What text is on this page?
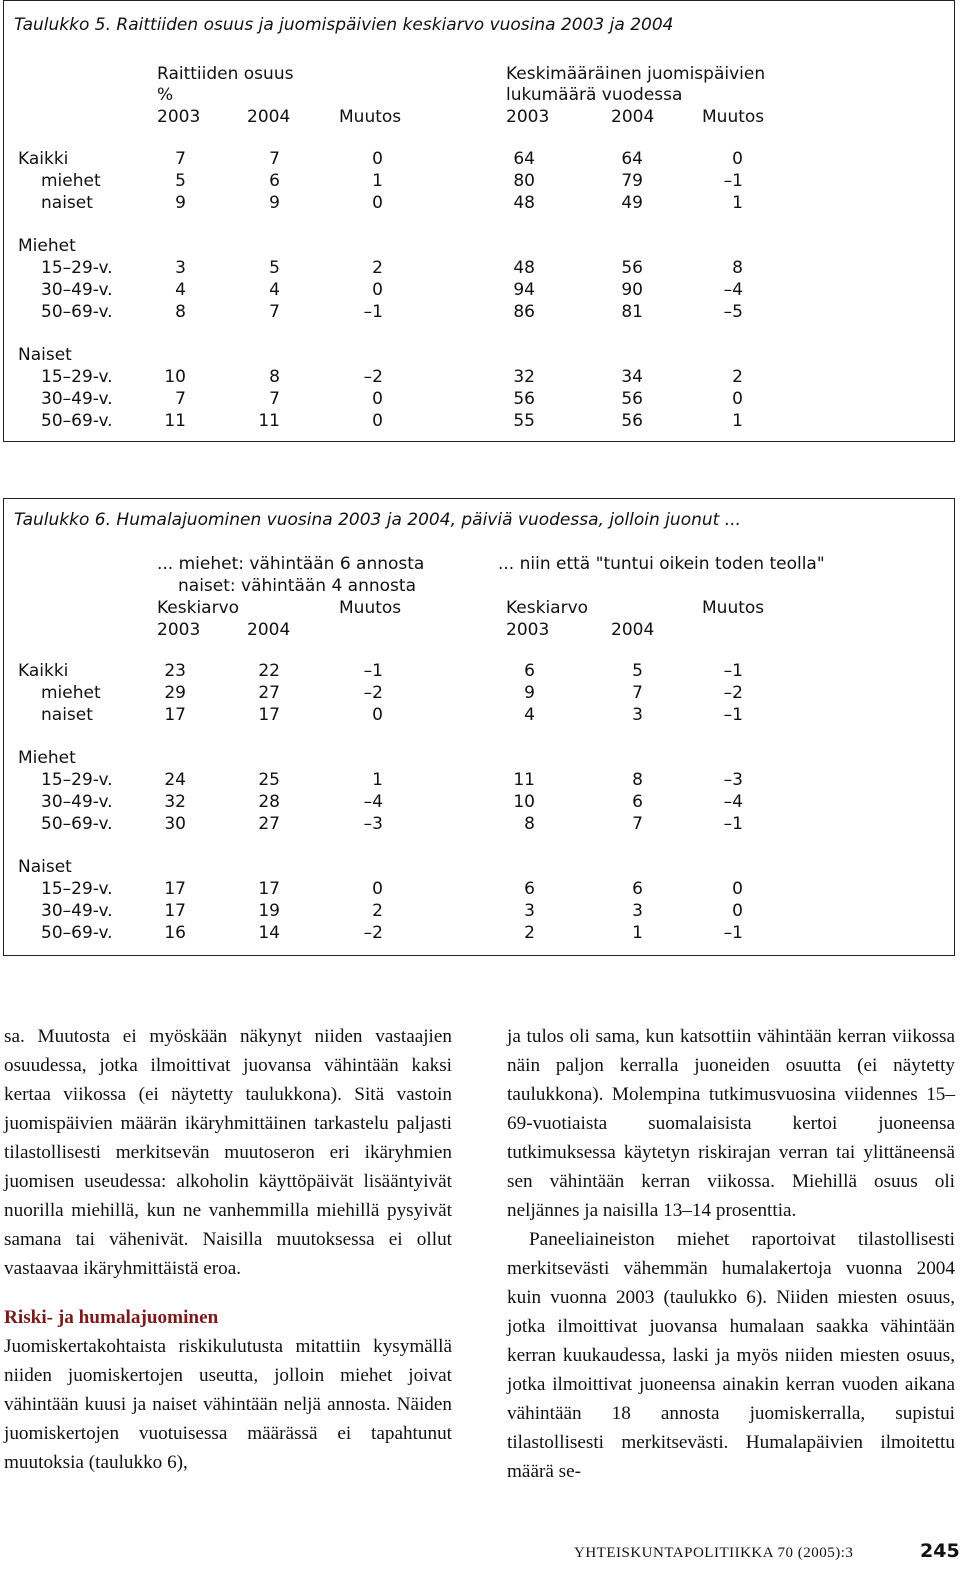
Taulukko 5. Raittiiden osuus ja juomispäivien keskiarvo vuosina 2003 ja 2004
Raittiiden osuus
%
Keskimääräinen juomispäivien
lukumäärä vuodessa
2003	2004	Muutos	2003	2004	Muutos
Kaikki	7	7	0	64	64	0
miehet	5	6	1	80	79	–1
naiset	9	9	0	48	49	1
Miehet
15–29-v.	3	5	2	48	56	8
30–49-v.	4	4	0	94	90	–4
50–69-v.	8	7	–1	86	81	–5
Naiset
15–29-v.	10	8	–2	32	34	2
30–49-v.	7	7	0	56	56	0
50–69-v.	11	11	0	55	56	1
Taulukko 6. Humalajuominen vuosina 2003 ja 2004, päiviä vuodessa, jolloin juonut ...
... miehet: vähintään 6 annosta
naiset: vähintään 4 annosta
... niin että "tuntui oikein toden teolla"
Keskiarvo	Muutos	Keskiarvo	Muutos
2003	2004	2003	2004
Kaikki	23	22	–1	6	5	–1
miehet	29	27	–2	9	7	–2
naiset	17	17	0	4	3	–1
Miehet
15–29-v.	24	25	1	11	8	–3
30–49-v.	32	28	–4	10	6	–4
50–69-v.	30	27	–3	8	7	–1
Naiset
15–29-v.	17	17	0	6	6	0
30–49-v.	17	19	2	3	3	0
50–69-v.	16	14	–2	2	1	–1

sa. Muutosta ei myöskään näkynyt niiden vastaajien osuudessa, jotka ilmoittivat juovansa vähintään kaksi kertaa viikossa (ei näytetty taulukkona). Sitä vastoin juomispäivien määrän ikäryhmittäinen tarkastelu paljasti tilastollisesti merkitsevän muutoseron eri ikäryhmien juomisen useudessa: alkoholin käyttöpäivät lisääntyivät nuorilla miehillä, kun ne vanhemmilla miehillä pysyivät samana tai vähenivät. Naisilla muutoksessa ei ollut vastaavaa ikäryhmittäistä eroa.

Riski- ja humalajuominen

Juomiskertakohtaista riskikulutusta mitattiin kysymällä niiden juomiskertojen useutta, jolloin miehet joivat vähintään kuusi ja naiset vähintään neljä annosta. Näiden juomiskertojen vuotuisessa määrässä ei tapahtunut muutoksia (taulukko 6),

ja tulos oli sama, kun katsottiin vähintään kerran viikossa näin paljon kerralla juoneiden osuutta (ei näytetty taulukkona). Molempina tutkimusvuosina viidennes 15–69-vuotiaista suomalaisista kertoi juoneensa tutkimuksessa käytetyn riskirajan verran tai ylittäneensä sen vähintään kerran viikossa. Miehillä osuus oli neljännes ja naisilla 13–14 prosenttia.

Paneeliaineiston miehet raportoivat tilastollisesti merkitsevästi vähemmän humalakertoja vuonna 2004 kuin vuonna 2003 (taulukko 6). Niiden miesten osuus, jotka ilmoittivat juovansa humalaan saakka vähintään kerran kuukaudessa, laski ja myös niiden miesten osuus, jotka ilmoittivat juoneensa ainakin kerran vuoden aikana vähintään 18 annosta juomiskerralla, supistui tilastollisesti merkitsevästi. Humalapäivien ilmoitettu määrä se-

YHTEISKUNTAPOLITIIKKA 70 (2005):3	245
